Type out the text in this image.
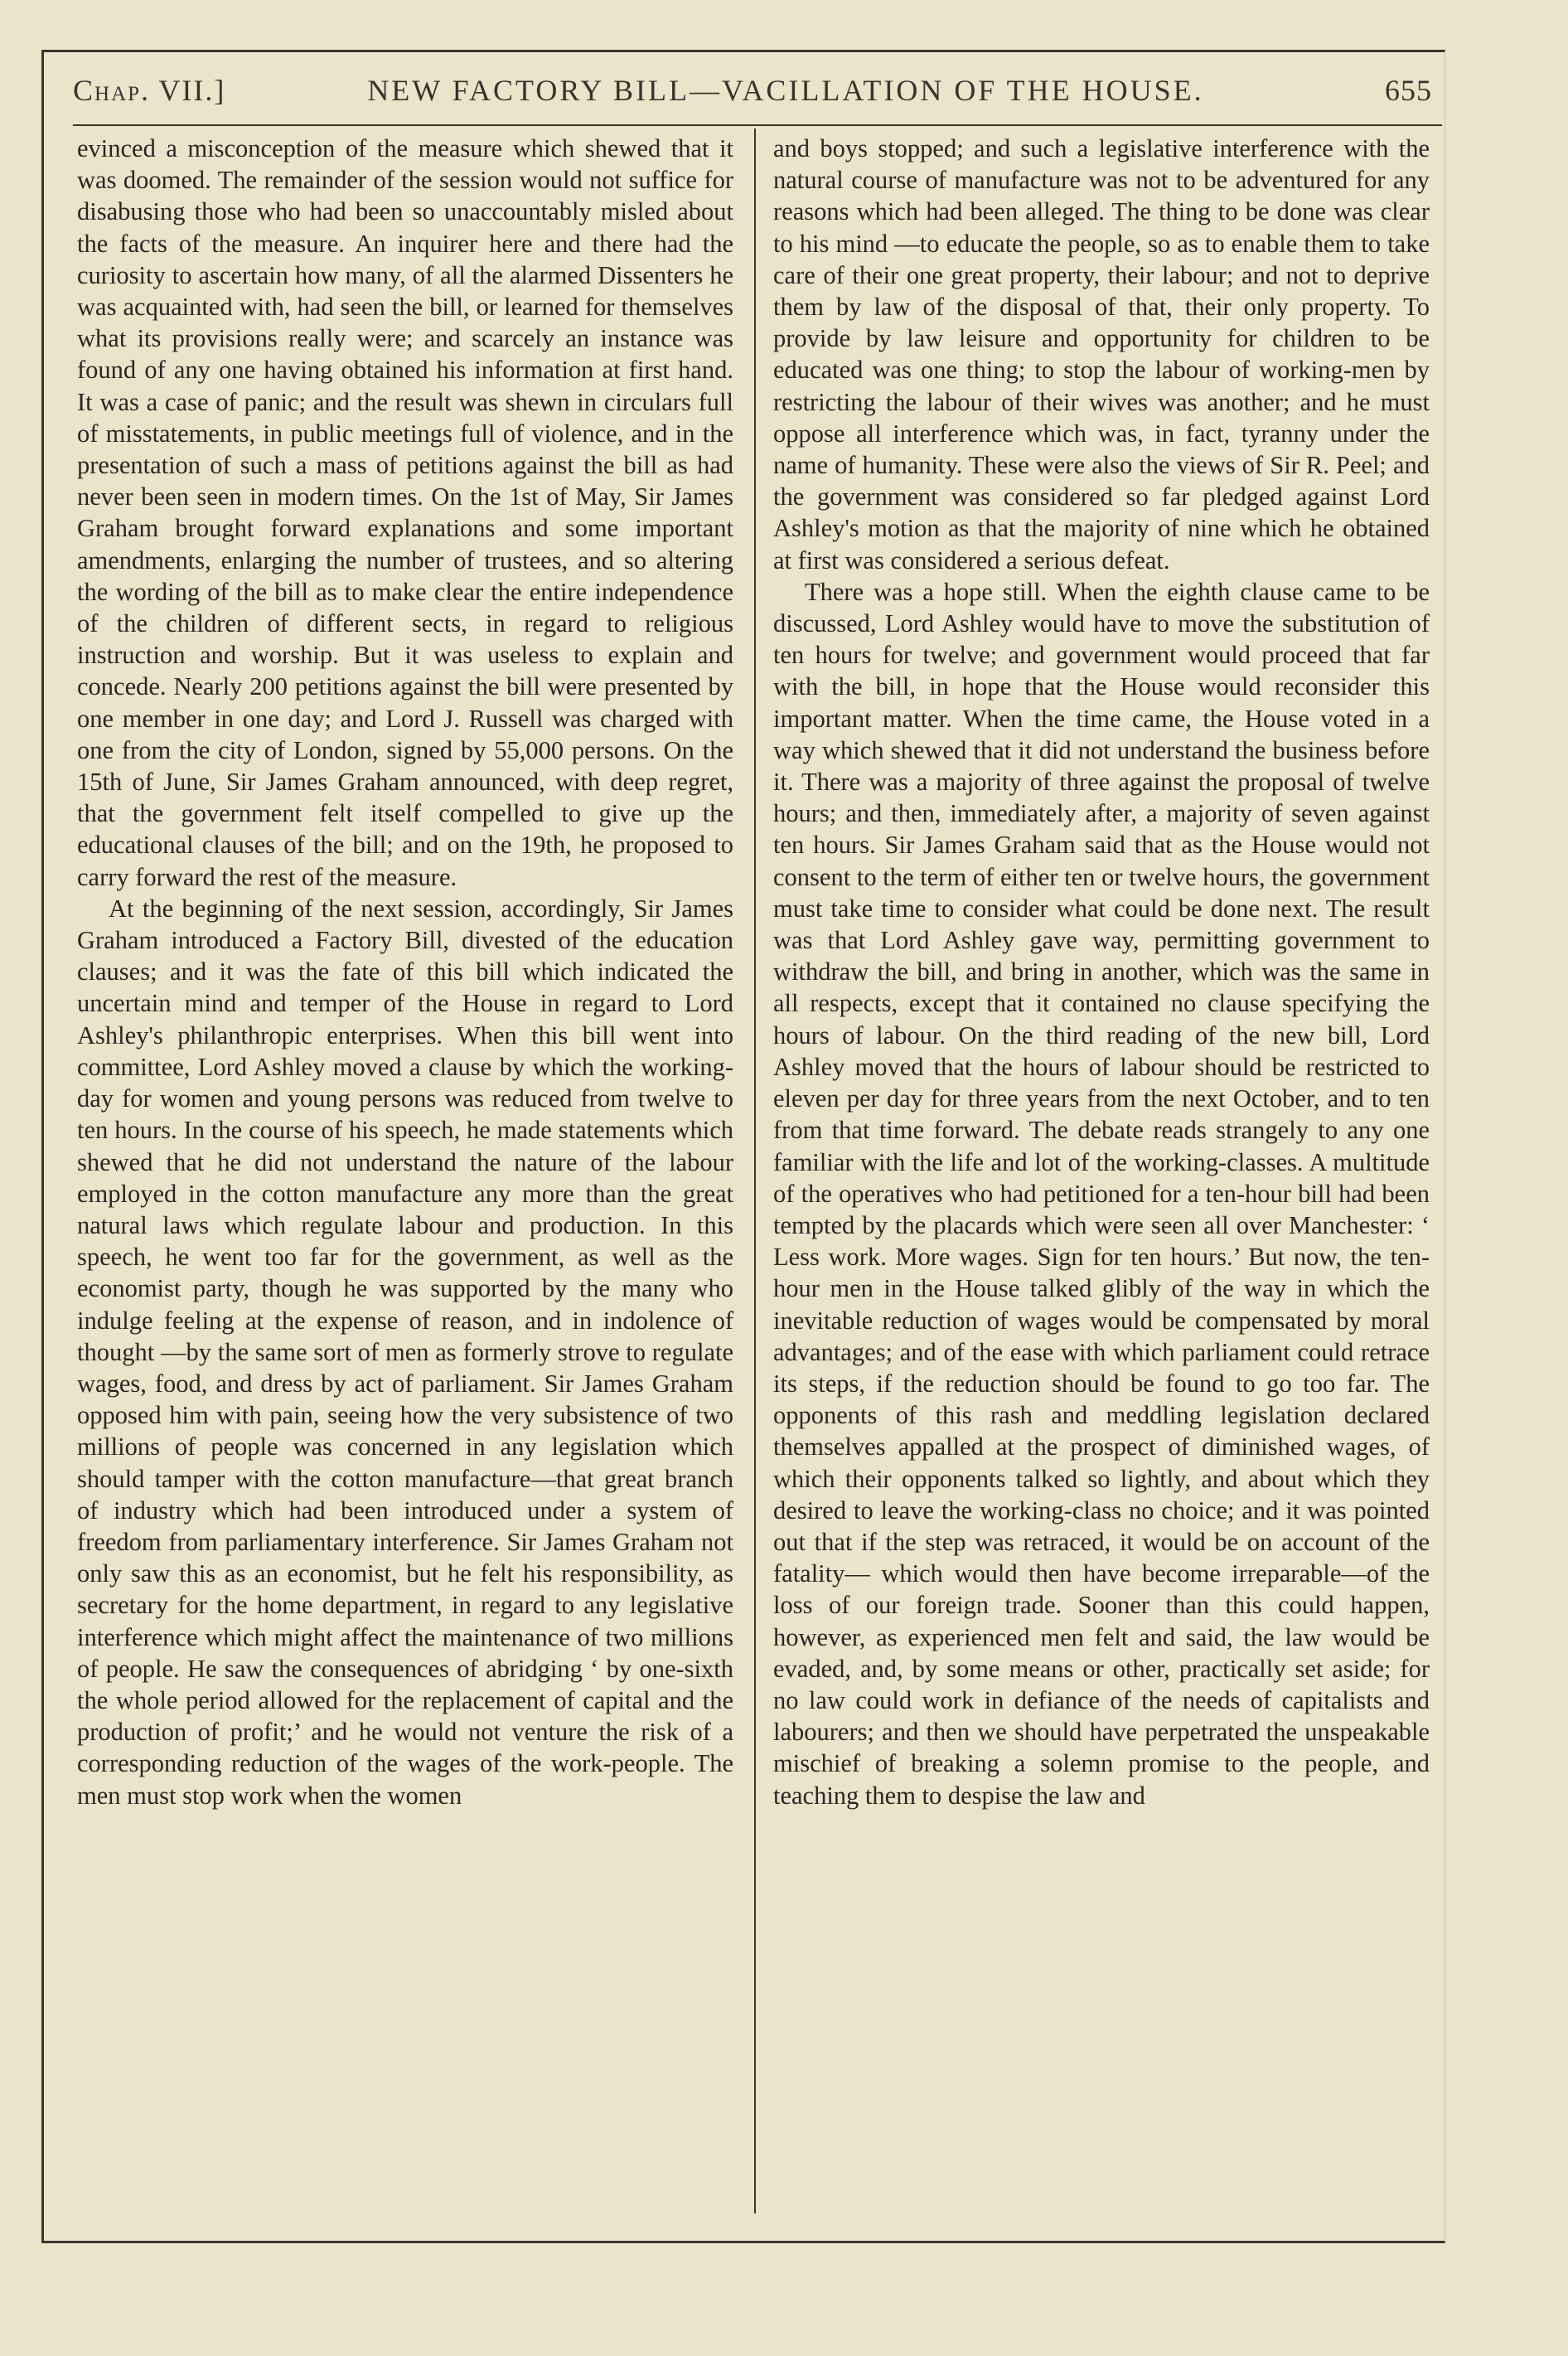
Chap. VII.]	NEW FACTORY BILL—VACILLATION OF THE HOUSE.	655

evinced a misconception of the measure which shewed that it was doomed. The remainder of the session would not suffice for disabusing those who had been so unaccountably misled about the facts of the measure. An inquirer here and there had the curiosity to ascertain how many, of all the alarmed Dissenters he was acquainted with, had seen the bill, or learned for themselves what its provisions really were; and scarcely an instance was found of any one having obtained his information at first hand. It was a case of panic; and the result was shewn in circulars full of misstatements, in public meetings full of violence, and in the presentation of such a mass of petitions against the bill as had never been seen in modern times. On the 1st of May, Sir James Graham brought forward explanations and some important amendments, enlarging the number of trustees, and so altering the wording of the bill as to make clear the entire independence of the children of different sects, in regard to religious instruction and worship. But it was useless to explain and concede. Nearly 200 petitions against the bill were presented by one member in one day; and Lord J. Russell was charged with one from the city of London, signed by 55,000 persons. On the 15th of June, Sir James Graham announced, with deep regret, that the government felt itself compelled to give up the educational clauses of the bill; and on the 19th, he proposed to carry forward the rest of the measure.

At the beginning of the next session, accordingly, Sir James Graham introduced a Factory Bill, divested of the education clauses; and it was the fate of this bill which indicated the uncertain mind and temper of the House in regard to Lord Ashley's philanthropic enterprises. When this bill went into committee, Lord Ashley moved a clause by which the working-day for women and young persons was reduced from twelve to ten hours. In the course of his speech, he made statements which shewed that he did not understand the nature of the labour employed in the cotton manufacture any more than the great natural laws which regulate labour and production. In this speech, he went too far for the government, as well as the economist party, though he was supported by the many who indulge feeling at the expense of reason, and in indolence of thought —by the same sort of men as formerly strove to regulate wages, food, and dress by act of parliament. Sir James Graham opposed him with pain, seeing how the very subsistence of two millions of people was concerned in any legislation which should tamper with the cotton manufacture—that great branch of industry which had been introduced under a system of freedom from parliamentary interference. Sir James Graham not only saw this as an economist, but he felt his responsibility, as secretary for the home department, in regard to any legislative interference which might affect the maintenance of two millions of people. He saw the consequences of abridging ‘ by one-sixth the whole period allowed for the replacement of capital and the production of profit;’ and he would not venture the risk of a corresponding reduction of the wages of the work-people. The men must stop work when the women

and boys stopped; and such a legislative interference with the natural course of manufacture was not to be adventured for any reasons which had been alleged. The thing to be done was clear to his mind —to educate the people, so as to enable them to take care of their one great property, their labour; and not to deprive them by law of the disposal of that, their only property. To provide by law leisure and opportunity for children to be educated was one thing; to stop the labour of working-men by restricting the labour of their wives was another; and he must oppose all interference which was, in fact, tyranny under the name of humanity. These were also the views of Sir R. Peel; and the government was considered so far pledged against Lord Ashley's motion as that the majority of nine which he obtained at first was considered a serious defeat.

There was a hope still. When the eighth clause came to be discussed, Lord Ashley would have to move the substitution of ten hours for twelve; and government would proceed that far with the bill, in hope that the House would reconsider this important matter. When the time came, the House voted in a way which shewed that it did not understand the business before it. There was a majority of three against the proposal of twelve hours; and then, immediately after, a majority of seven against ten hours. Sir James Graham said that as the House would not consent to the term of either ten or twelve hours, the government must take time to consider what could be done next. The result was that Lord Ashley gave way, permitting government to withdraw the bill, and bring in another, which was the same in all respects, except that it contained no clause specifying the hours of labour. On the third reading of the new bill, Lord Ashley moved that the hours of labour should be restricted to eleven per day for three years from the next October, and to ten from that time forward. The debate reads strangely to any one familiar with the life and lot of the working-classes. A multitude of the operatives who had petitioned for a ten-hour bill had been tempted by the placards which were seen all over Manchester: ‘ Less work. More wages. Sign for ten hours.’ But now, the ten-hour men in the House talked glibly of the way in which the inevitable reduction of wages would be compensated by moral advantages; and of the ease with which parliament could retrace its steps, if the reduction should be found to go too far. The opponents of this rash and meddling legislation declared themselves appalled at the prospect of diminished wages, of which their opponents talked so lightly, and about which they desired to leave the working-class no choice; and it was pointed out that if the step was retraced, it would be on account of the fatality— which would then have become irreparable—of the loss of our foreign trade. Sooner than this could happen, however, as experienced men felt and said, the law would be evaded, and, by some means or other, practically set aside; for no law could work in defiance of the needs of capitalists and labourers; and then we should have perpetrated the unspeakable mischief of breaking a solemn promise to the people, and teaching them to despise the law and
